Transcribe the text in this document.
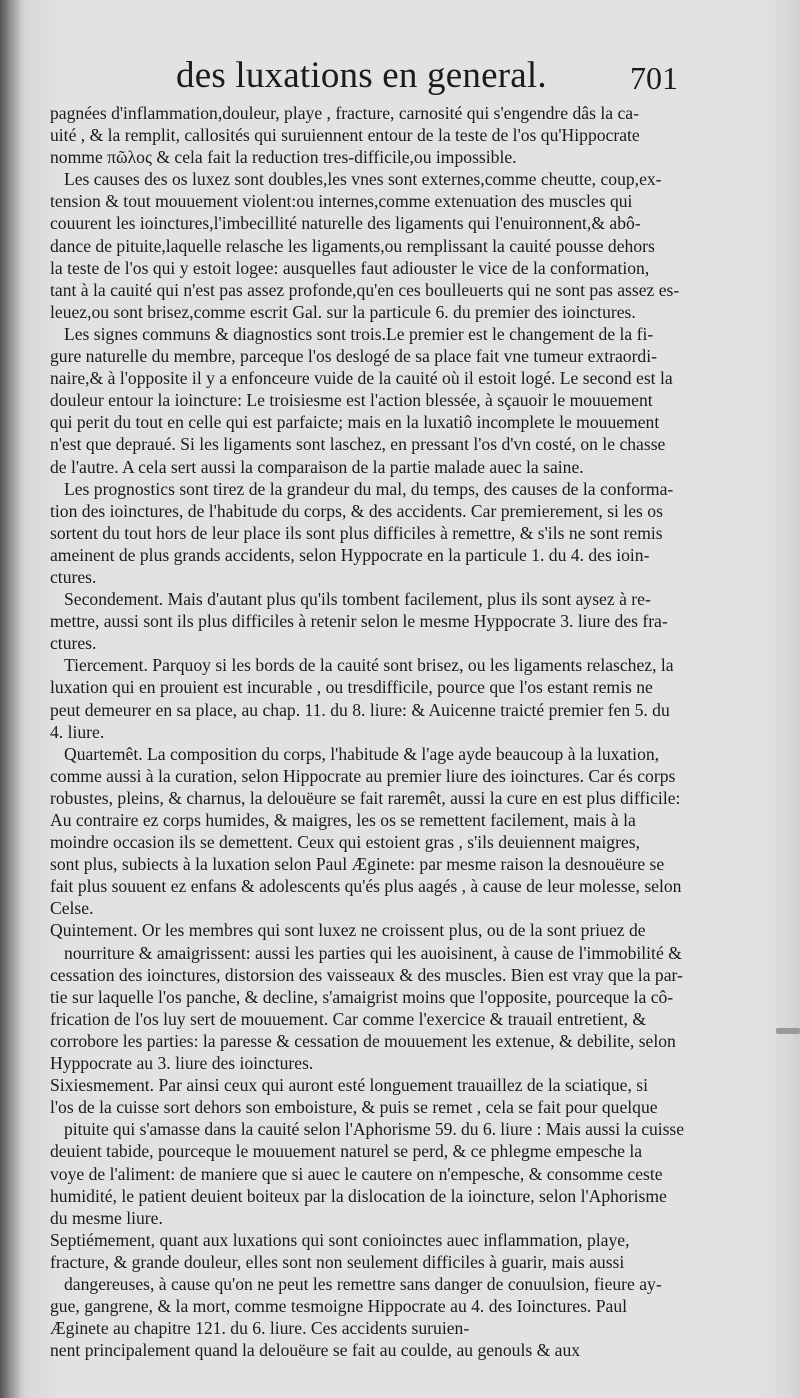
des luxations en general.	701
pagnées d'inflammation,douleur, playe , fracture, carnosité qui s'engendre dâs la ca-
uité , & la remplit, callosités qui suruiennent entour de la teste de l'os qu'Hippocrate
nomme πῶλος & cela fait la reduction tres-difficile,ou impossible.
Les causes des os luxez sont doubles,les vnes sont externes,comme cheutte, coup,ex-
tension & tout mouuement violent:ou internes,comme extenuation des muscles qui
couurent les ioinctures,l'imbecillité naturelle des ligaments qui l'enuironnent,& abô-
dance de pituite,laquelle relasche les ligaments,ou remplissant la cauité pousse dehors
la teste de l'os qui y estoit logee: ausquelles faut adiouster le vice de la conformation,
tant à la cauité qui n'est pas assez profonde,qu'en ces boulleuerts qui ne sont pas assez es-
leuez,ou sont brisez,comme escrit Gal. sur la particule 6. du premier des ioinctures.
Les signes communs & diagnostics sont trois.Le premier est le changement de la fi-
gure naturelle du membre, parceque l'os deslogé de sa place fait vne tumeur extraordi-
naire,& à l'opposite il y a enfonceure vuide de la cauité où il estoit logé. Le second est la
douleur entour la ioincture: Le troisiesme est l'action blessée, à sçauoir le mouuement
qui perit du tout en celle qui est parfaicte; mais en la luxatiô incomplete le mouuement
n'est que depraué. Si les ligaments sont laschez, en pressant l'os d'vn costé, on le chasse
de l'autre. A cela sert aussi la comparaison de la partie malade auec la saine.
Les prognostics sont tirez de la grandeur du mal, du temps, des causes de la conforma-
tion des ioinctures, de l'habitude du corps, & des accidents. Car premierement, si les os
sortent du tout hors de leur place ils sont plus difficiles à remettre, & s'ils ne sont remis
ameinent de plus grands accidents, selon Hyppocrate en la particule 1. du 4. des ioin-
ctures.
Secondement. Mais d'autant plus qu'ils tombent facilement, plus ils sont aysez à re-
mettre, aussi sont ils plus difficiles à retenir selon le mesme Hyppocrate 3. liure des fra-
ctures.
Tiercement. Parquoy si les bords de la cauité sont brisez, ou les ligaments relaschez, la
luxation qui en prouient est incurable , ou tresdifficile, pource que l'os estant remis ne
peut demeurer en sa place, au chap. 11. du 8. liure: & Auicenne traicté premier fen 5. du
4. liure.
Quartemêt. La composition du corps, l'habitude & l'age ayde beaucoup à la luxation,
comme aussi à la curation, selon Hippocrate au premier liure des ioinctures. Car és corps
robustes, pleins, & charnus, la delouëure se fait raremêt, aussi la cure en est plus difficile:
Au contraire ez corps humides, & maigres, les os se remettent facilement, mais à la
moindre occasion ils se demettent. Ceux qui estoient gras , s'ils deuiennent maigres,
sont plus, subiects à la luxation selon Paul Æginete: par mesme raison la desnouëure se
fait plus souuent ez enfans & adolescents qu'és plus aagés , à cause de leur molesse, selon
Celse.
Quintement. Or les membres qui sont luxez ne croissent plus, ou de la sont priuez de
nourriture & amaigrissent: aussi les parties qui les auoisinent, à cause de l'immobilité &
cessation des ioinctures, distorsion des vaisseaux & des muscles. Bien est vray que la par-
tie sur laquelle l'os panche, & decline, s'amaigrist moins que l'opposite, pourceque la cô-
frication de l'os luy sert de mouuement. Car comme l'exercice & trauail entretient, &
corrobore les parties: la paresse & cessation de mouuement les extenue, & debilite, selon
Hyppocrate au 3. liure des ioinctures.
Sixiesmement. Par ainsi ceux qui auront esté longuement trauaillez de la sciatique, si
l'os de la cuisse sort dehors son emboisture, & puis se remet , cela se fait pour quelque
pituite qui s'amasse dans la cauité selon l'Aphorisme 59. du 6. liure : Mais aussi la cuisse
deuient tabide, pourceque le mouuement naturel se perd, & ce phlegme empesche la
voye de l'aliment: de maniere que si auec le cautere on n'empesche, & consomme ceste
humidité, le patient deuient boiteux par la dislocation de la ioincture, selon l'Aphorisme
du mesme liure.
Septiémement, quant aux luxations qui sont conioinctes auec inflammation, playe,
fracture, & grande douleur, elles sont non seulement difficiles à guarir, mais aussi
dangereuses, à cause qu'on ne peut les remettre sans danger de conuulsion, fieure ay-
gue, gangrene, & la mort, comme tesmoigne Hippocrate au 4. des Ioinctures. Paul
Æginete au chapitre 121. du 6. liure. Ces accidents suruien-
nent principalement quand la delouëure se fait au coulde, au genouls & aux
